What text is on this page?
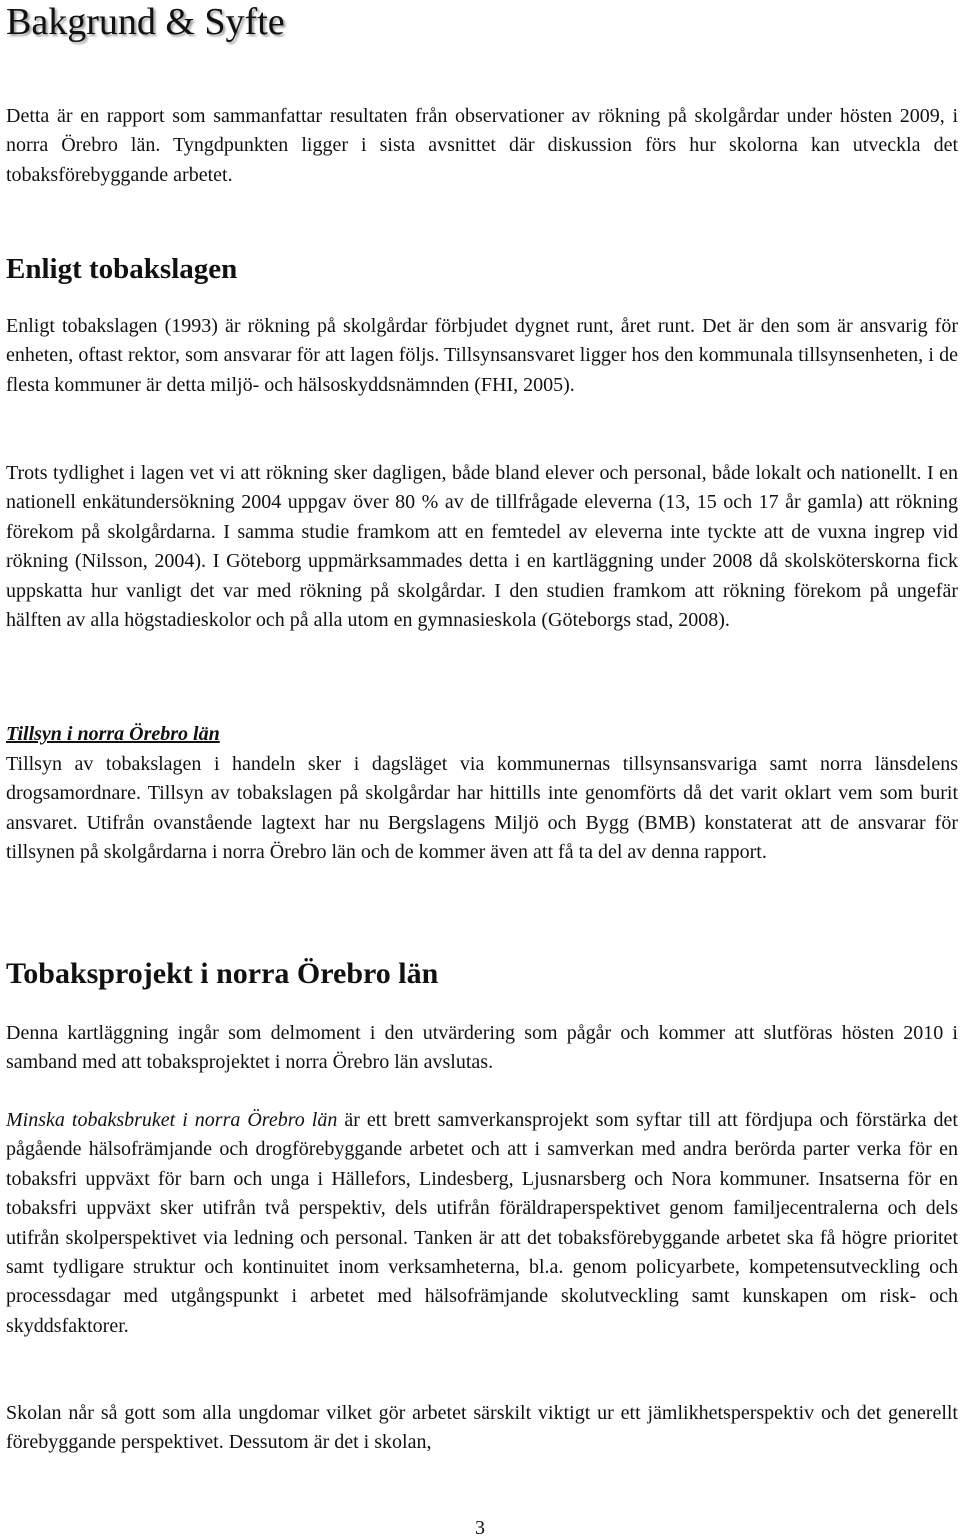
Bakgrund & Syfte

Detta är en rapport som sammanfattar resultaten från observationer av rökning på skolgårdar under hösten 2009, i norra Örebro län. Tyngdpunkten ligger i sista avsnittet där diskussion förs hur skolorna kan utveckla det tobaksförebyggande arbetet.

Enligt tobakslagen

Enligt tobakslagen (1993) är rökning på skolgårdar förbjudet dygnet runt, året runt. Det är den som är ansvarig för enheten, oftast rektor, som ansvarar för att lagen följs. Tillsynsansvaret ligger hos den kommunala tillsynsenheten, i de flesta kommuner är detta miljö- och hälsoskyddsnämnden (FHI, 2005).

Trots tydlighet i lagen vet vi att rökning sker dagligen, både bland elever och personal, både lokalt och nationellt. I en nationell enkätundersökning 2004 uppgav över 80 % av de tillfrågade eleverna (13, 15 och 17 år gamla) att rökning förekom på skolgårdarna. I samma studie framkom att en femtedel av eleverna inte tyckte att de vuxna ingrep vid rökning (Nilsson, 2004). I Göteborg uppmärksammades detta i en kartläggning under 2008 då skolsköterskorna fick uppskatta hur vanligt det var med rökning på skolgårdar. I den studien framkom att rökning förekom på ungefär hälften av alla högstadieskolor och på alla utom en gymnasieskola (Göteborgs stad, 2008).

Tillsyn i norra Örebro län

Tillsyn av tobakslagen i handeln sker i dagsläget via kommunernas tillsynsansvariga samt norra länsdelens drogsamordnare. Tillsyn av tobakslagen på skolgårdar har hittills inte genomförts då det varit oklart vem som burit ansvaret. Utifrån ovanstående lagtext har nu Bergslagens Miljö och Bygg (BMB) konstaterat att de ansvarar för tillsynen på skolgårdarna i norra Örebro län och de kommer även att få ta del av denna rapport.

Tobaksprojekt i norra Örebro län

Denna kartläggning ingår som delmoment i den utvärdering som pågår och kommer att slutföras hösten 2010 i samband med att tobaksprojektet i norra Örebro län avslutas.

Minska tobaksbruket i norra Örebro län är ett brett samverkansprojekt som syftar till att fördjupa och förstärka det pågående hälsofrämjande och drogförebyggande arbetet och att i samverkan med andra berörda parter verka för en tobaksfri uppväxt för barn och unga i Hällefors, Lindesberg, Ljusnarsberg och Nora kommuner. Insatserna för en tobaksfri uppväxt sker utifrån två perspektiv, dels utifrån föräldraperspektivet genom familjecentralerna och dels utifrån skolperspektivet via ledning och personal. Tanken är att det tobaksförebyggande arbetet ska få högre prioritet samt tydligare struktur och kontinuitet inom verksamheterna, bl.a. genom policyarbete, kompetensutveckling och processdagar med utgångspunkt i arbetet med hälsofrämjande skolutveckling samt kunskapen om risk- och skyddsfaktorer.

Skolan når så gott som alla ungdomar vilket gör arbetet särskilt viktigt ur ett jämlikhetsperspektiv och det generellt förebyggande perspektivet. Dessutom är det i skolan,

3
